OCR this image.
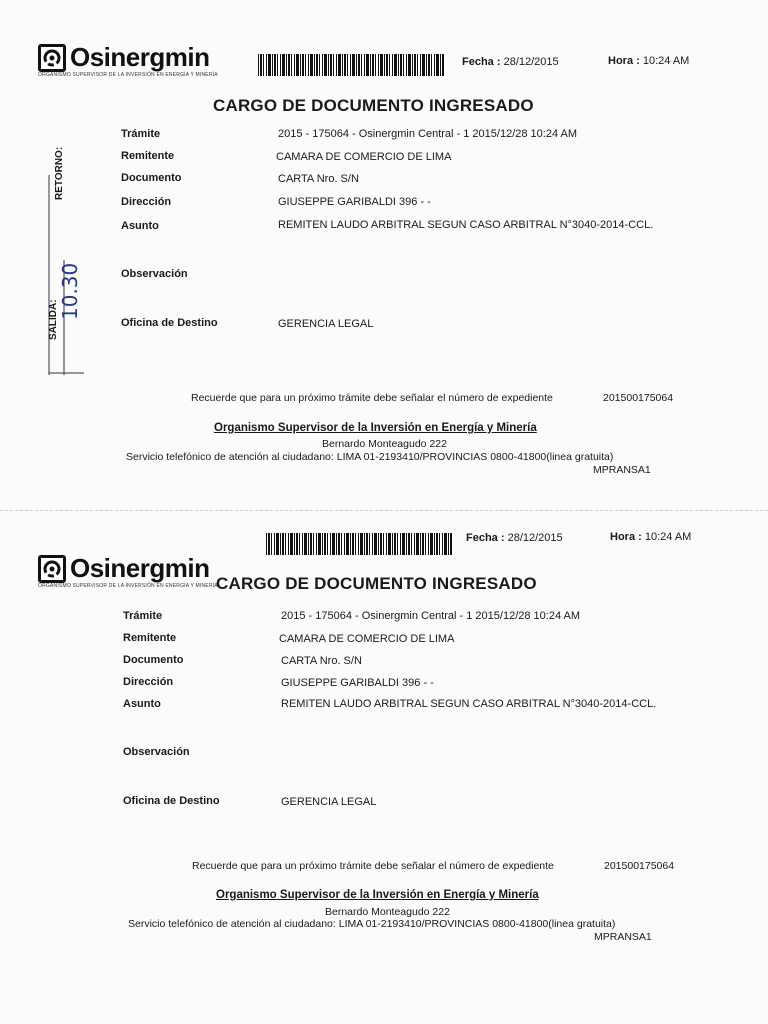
Osinergmin
ORGANISMO SUPERVISOR DE LA INVERSIÓN EN ENERGÍA Y MINERÍA
Fecha : 28/12/2015	Hora : 10:24 AM
CARGO DE DOCUMENTO INGRESADO
Trámite	2015 - 175064 - Osinergmin Central - 1 2015/12/28 10:24 AM
Remitente	CAMARA DE COMERCIO DE LIMA
Documento	CARTA Nro. S/N
Dirección	GIUSEPPE GARIBALDI 396 - -
Asunto	REMITEN LAUDO ARBITRAL SEGUN CASO ARBITRAL N°3040-2014-CCL.
Observación
Oficina de Destino	GERENCIA LEGAL
Recuerde que para un próximo trámite debe señalar el número de expediente	201500175064
Organismo Supervisor de la Inversión en Energía y Minería
Bernardo Monteagudo 222
Servicio telefónico de atención al ciudadano: LIMA 01-2193410/PROVINCIAS 0800-41800(linea gratuita)
MPRANSA1
SALIDA:
RETORNO:
10.30
Fecha : 28/12/2015	Hora : 10:24 AM
Osinergmin
ORGANISMO SUPERVISOR DE LA INVERSIÓN EN ENERGÍA Y MINERÍA
CARGO DE DOCUMENTO INGRESADO
Trámite	2015 - 175064 - Osinergmin Central - 1 2015/12/28 10:24 AM
Remitente	CAMARA DE COMERCIO DE LIMA
Documento	CARTA Nro. S/N
Dirección	GIUSEPPE GARIBALDI 396 - -
Asunto	REMITEN LAUDO ARBITRAL SEGUN CASO ARBITRAL N°3040-2014-CCL.
Observación
Oficina de Destino	GERENCIA LEGAL
Recuerde que para un próximo trámite debe señalar el número de expediente	201500175064
Organismo Supervisor de la Inversión en Energía y Minería
Bernardo Monteagudo 222
Servicio telefónico de atención al ciudadano: LIMA 01-2193410/PROVINCIAS 0800-41800(linea gratuita)
MPRANSA1
